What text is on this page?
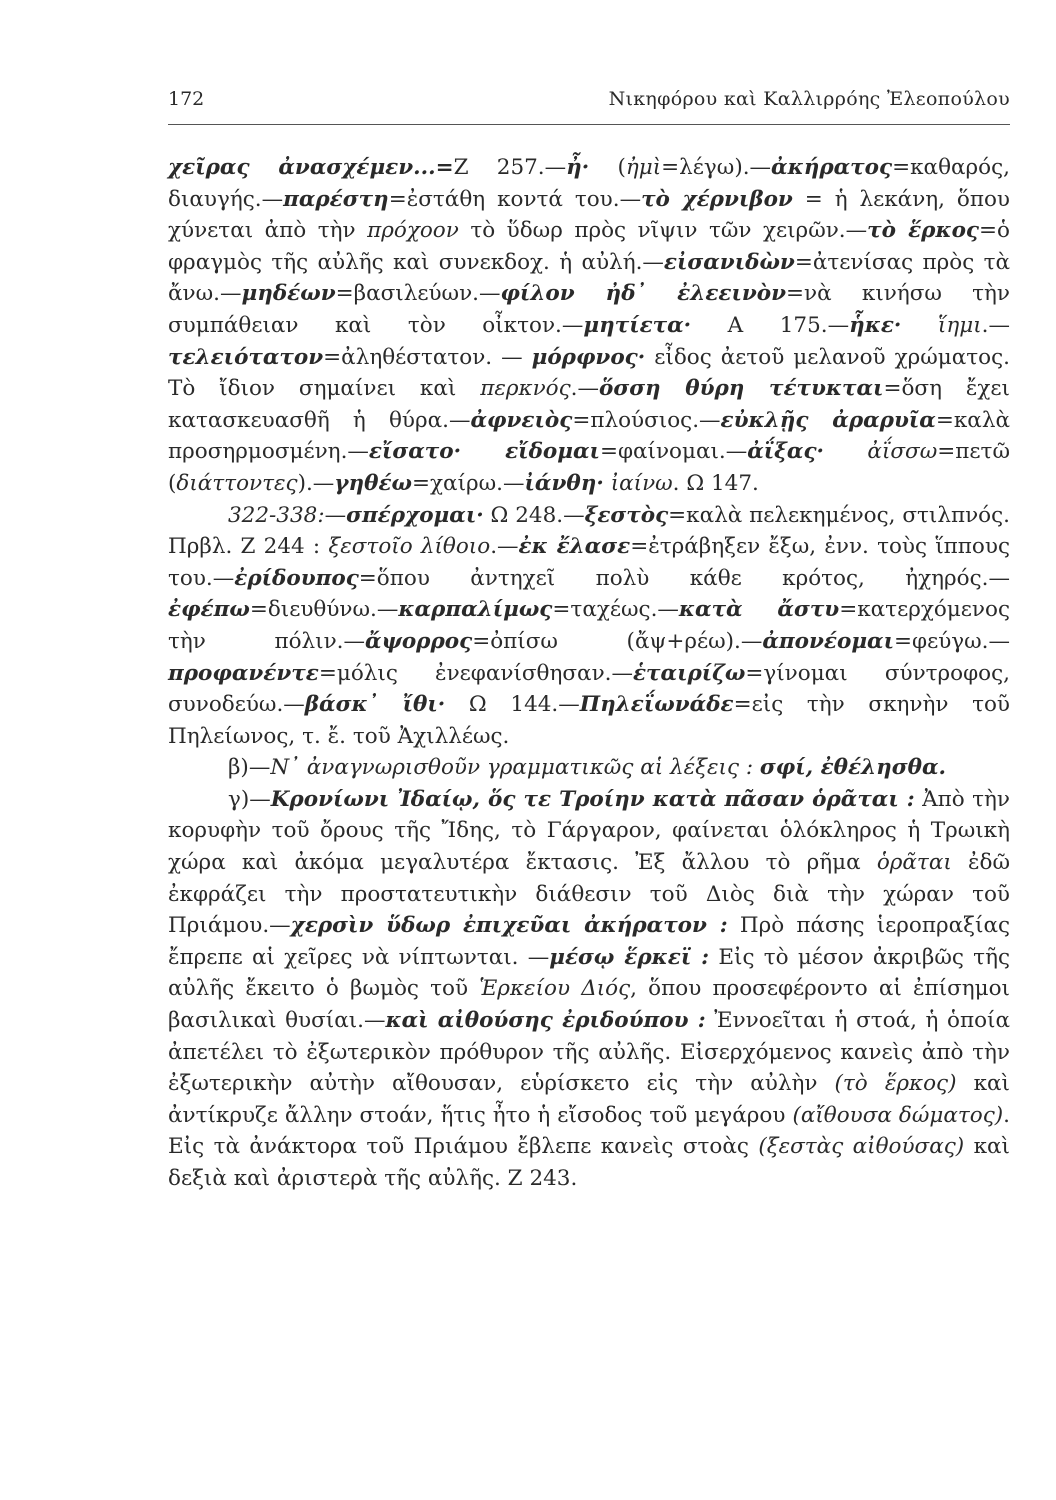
172	Νικηφόρου καὶ Καλλιρρόης Ἐλεοπούλου

χεῖρας ἀνασχέμεν...=Ζ 257.—ἦ· (ἠμὶ=λέγω).—ἀκήρατος=καθαρός, διαυγής.—παρέστη=ἐστάθη κοντά του.—τὸ χέρνιβον = ἡ λεκάνη, ὅπου χύνεται ἀπὸ τὴν πρόχοον τὸ ὕδωρ πρὸς νῖψιν τῶν χειρῶν.—τὸ ἕρκος=ὁ φραγμὸς τῆς αὐλῆς καὶ συνεκδοχ. ἡ αὐλή.—εἰσανιδὼν=ἀτενίσας πρὸς τὰ ἄνω.—μηδέων=βασιλεύων.—φίλον ἠδ᾽ ἐλεεινὸν=νὰ κινήσω τὴν συμπάθειαν καὶ τὸν οἶκτον.—μητίετα· Α 175.—ἧκε· ἵημι.—τελειότατον=ἀληθέστατον. — μόρφνος· εἶδος ἀετοῦ μελανοῦ χρώματος. Τὸ ἴδιον σημαίνει καὶ περκνός.—ὅσση θύρη τέτυκται=ὅση ἔχει κατασκευασθῆ ἡ θύρα.—ἀφνειὸς=πλούσιος.—εὐκλῇς ἀραρυῖα=καλὰ προσηρμοσμένη.—εἴσατο· εἴδομαι=φαίνομαι.—ἀΐξας· ἀΐσσω=πετῶ (διάττοντες).—γηθέω=χαίρω.—ἰάνθη· ἰαίνω. Ω 147.

322-338:—σπέρχομαι· Ω 248.—ξεστὸς=καλὰ πελεκημένος, στιλπνός. Πρβλ. Ζ 244 : ξεστοῖο λίθοιο.—ἐκ ἔλασε=ἐτράβηξεν ἔξω, ἐνν. τοὺς ἵππους του.—ἐρίδουπος=ὅπου ἀντηχεῖ πολὺ κάθε κρότος, ἠχηρός.—ἐφέπω=διευθύνω.—καρπαλίμως=ταχέως.—κατὰ ἄστυ=κατερχόμενος τὴν πόλιν.—ἄψορρος=ὀπίσω (ἄψ+ρέω).—ἀπονέομαι=φεύγω.—προφανέντε=μόλις ἐνεφανίσθησαν.—ἑταιρίζω=γίνομαι σύντροφος, συνοδεύω.—βάσκ᾽ ἴθι· Ω 144.—Πηλεΐωνάδε=εἰς τὴν σκηνὴν τοῦ Πηλείωνος, τ. ἔ. τοῦ Ἀχιλλέως.

β)—Ν᾽ ἀναγνωρισθοῦν γραμματικῶς αἱ λέξεις : σφί, ἐθέλησθα.

γ)—Κρονίωνι Ἰδαίῳ, ὅς τε Τροίην κατὰ πᾶσαν ὁρᾶται : Ἀπὸ τὴν κορυφὴν τοῦ ὄρους τῆς Ἴδης, τὸ Γάργαρον, φαίνεται ὁλόκληρος ἡ Τρωικὴ χώρα καὶ ἀκόμα μεγαλυτέρα ἔκτασις. Ἐξ ἄλλου τὸ ρῆμα ὁρᾶται ἐδῶ ἐκφράζει τὴν προστατευτικὴν διάθεσιν τοῦ Διὸς διὰ τὴν χώραν τοῦ Πριάμου.—χερσὶν ὕδωρ ἐπιχεῦαι ἀκήρατον : Πρὸ πάσης ἱεροπραξίας ἔπρεπε αἱ χεῖρες νὰ νίπτωνται. —μέσῳ ἕρκεϊ : Εἰς τὸ μέσον ἀκριβῶς τῆς αὐλῆς ἔκειτο ὁ βωμὸς τοῦ Ἑρκείου Διός, ὅπου προσεφέροντο αἱ ἐπίσημοι βασιλικαὶ θυσίαι.—καὶ αἰθούσης ἐριδούπου : Ἐννοεῖται ἡ στοά, ἡ ὁποία ἀπετέλει τὸ ἐξωτερικὸν πρόθυρον τῆς αὐλῆς. Εἰσερχόμενος κανεὶς ἀπὸ τὴν ἐξωτερικὴν αὐτὴν αἴθουσαν, εὑρίσκετο εἰς τὴν αὐλὴν (τὸ ἕρκος) καὶ ἀντίκρυζε ἄλλην στοάν, ἥτις ἦτο ἡ εἴσοδος τοῦ μεγάρου (αἴθουσα δώματος). Εἰς τὰ ἀνάκτορα τοῦ Πριάμου ἔβλεπε κανεὶς στοὰς (ξεστὰς αἰθούσας) καὶ δεξιὰ καὶ ἀριστερὰ τῆς αὐλῆς. Ζ 243.
